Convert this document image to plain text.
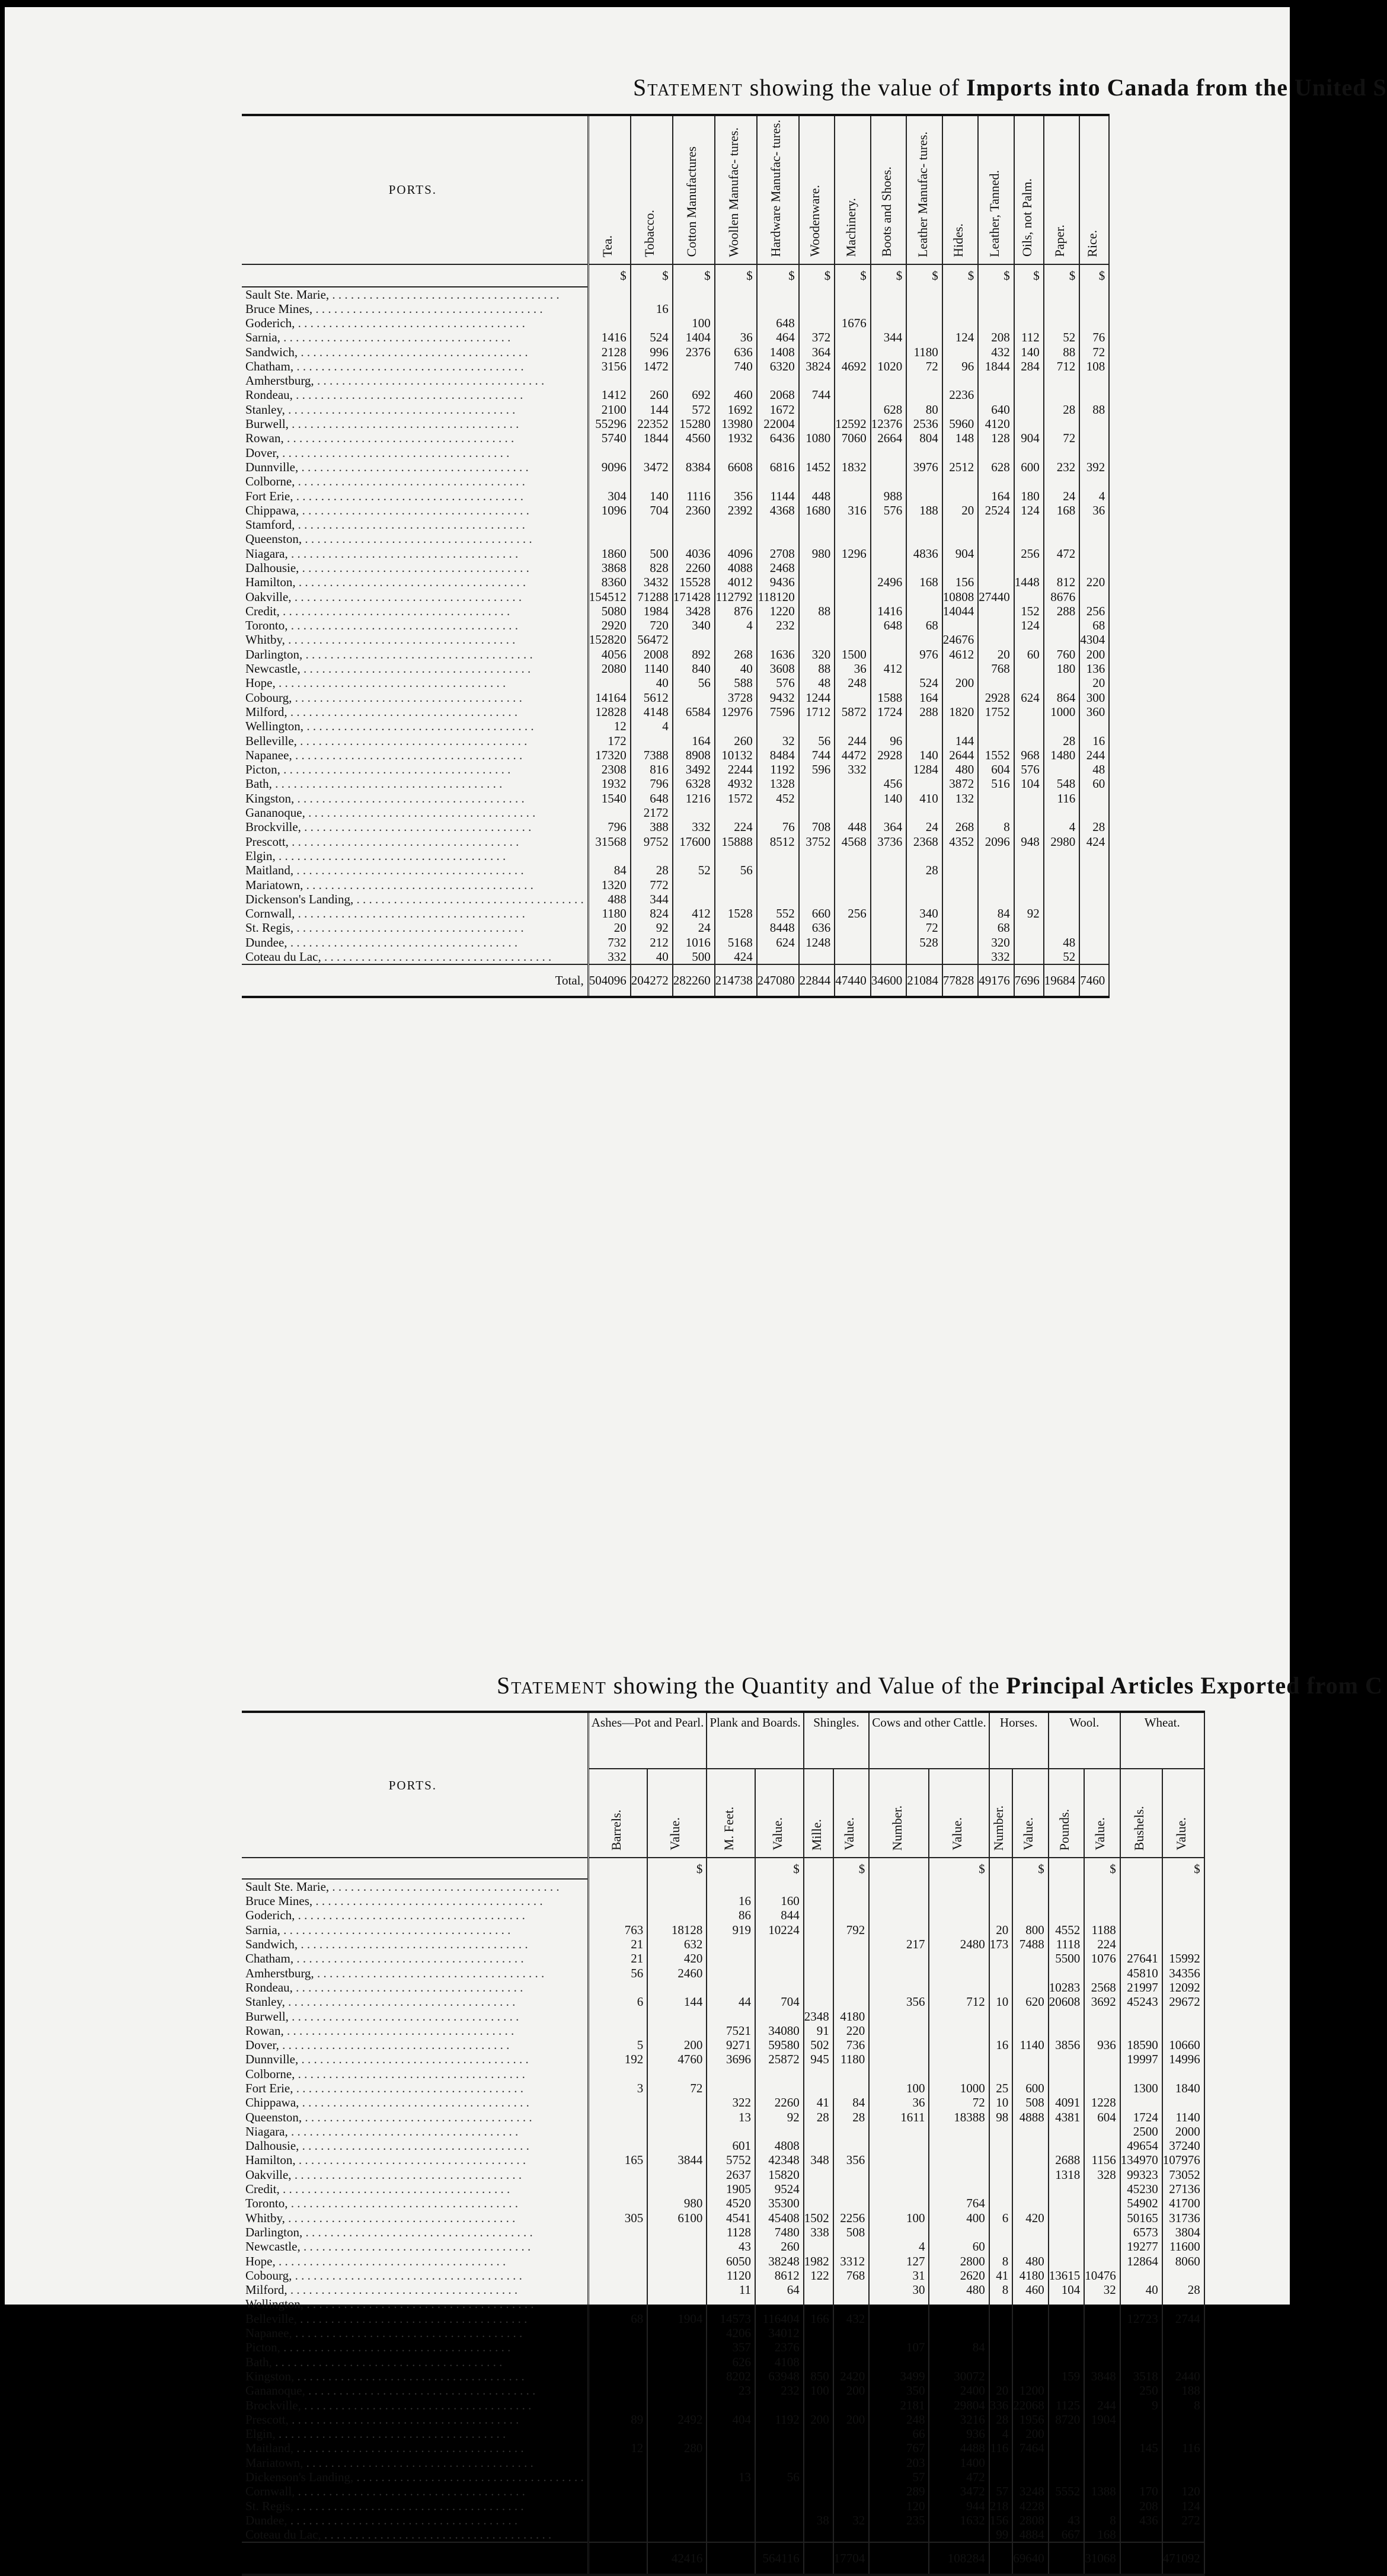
Statement showing the value of Imports into Canada from the United S
PORTS.	Tea.	Tobacco.	Cotton Manufactures	Woollen Manufac- tures.	Hardware Manufac- tures.	Woodenware.	Machinery.	Boots and Shoes.	Leather Manufac- tures.	Hides.	Leather, Tanned.	Oils, not Palm.	Paper.	Rice.
	$	$	$	$	$	$	$	$	$	$	$	$	$	$
Sault Ste. Marie, . . .														
Bruce Mines, . . .		16												
Goderich, . . .			100		648		1676							
Sarnia, . . .	1416	524	1404	36	464	372		344		124	208	112	52	76
Sandwich, . . .	2128	996	2376	636	1408	364			1180		432	140	88	72
Chatham, . . .	3156	1472		740	6320	3824	4692	1020	72	96	1844	284	712	108
Amherstburg, . . .														
Rondeau, . . .	1412	260	692	460	2068	744				2236				
Stanley, . . .	2100	144	572	1692	1672			628	80		640		28	88
Burwell, . . .	55296	22352	15280	13980	22004		12592	12376	2536	5960	4120			
Rowan, . . .	5740	1844	4560	1932	6436	1080	7060	2664	804	148	128	904	72	
Dover, . . .														
Dunnville, . . .	9096	3472	8384	6608	6816	1452	1832		3976	2512	628	600	232	392
Colborne, . . .														
Fort Erie, . . .	304	140	1116	356	1144	448		988			164	180	24	4
Chippawa, . . .	1096	704	2360	2392	4368	1680	316	576	188	20	2524	124	168	36
Stamford, . . .														
Queenston, . . .														
Niagara, . . .	1860	500	4036	4096	2708	980	1296		4836	904		256	472	
Dalhousie, . . .	3868	828	2260	4088	2468									
Hamilton, . . .	8360	3432	15528	4012	9436			2496	168	156		1448	812	220
Oakville, . . .	154512	71288	171428	112792	118120					10808	27440		8676	
Credit, . . .	5080	1984	3428	876	1220	88		1416		14044		152	288	256
Toronto, . . .	2920	720	340	4	232			648	68			124		68
Whitby, . . .	152820	56472								24676				4304
Darlington, . . .	4056	2008	892	268	1636	320	1500		976	4612	20	60	760	200
Newcastle, . . .	2080	1140	840	40	3608	88	36	412			768		180	136
Hope, . . .		40	56	588	576	48	248		524	200				20
Cobourg, . . .	14164	5612		3728	9432	1244		1588	164		2928	624	864	300
Milford, . . .	12828	4148	6584	12976	7596	1712	5872	1724	288	1820	1752		1000	360
Wellington, . . .	12	4												
Belleville, . . .	172		164	260	32	56	244	96		144			28	16
Napanee, . . .	17320	7388	8908	10132	8484	744	4472	2928	140	2644	1552	968	1480	244
Picton, . . .	2308	816	3492	2244	1192	596	332		1284	480	604	576		48
Bath, . . .	1932	796	6328	4932	1328			456		3872	516	104	548	60
Kingston, . . .	1540	648	1216	1572	452			140	410	132			116	
Gananoque, . . .		2172												
Brockville, . . .	796	388	332	224	76	708	448	364	24	268	8		4	28
Prescott, . . .	31568	9752	17600	15888	8512	3752	4568	3736	2368	4352	2096	948	2980	424
Elgin, . . .														
Maitland, . . .	84	28	52	56					28					
Mariatown, . . .	1320	772												
Dickenson's Landing, . . .	488	344												
Cornwall, . . .	1180	824	412	1528	552	660	256		340		84	92		
St. Regis, . . .	20	92	24		8448	636			72		68			
Dundee, . . .	732	212	1016	5168	624	1248			528		320		48	
Coteau du Lac, . . .	332	40	500	424							332		52	
Total,	504096	204272	282260	214738	247080	22844	47440	34600	21084	77828	49176	7696	19684	7460
Statement showing the Quantity and Value of the Principal Articles Exported from C
PORTS.	Ashes—Pot and Pearl.		Plank and Boards.		Shingles.		Cows and other Cattle.		Horses.		Wool.		Wheat.	
	Barrels.	Value.	M. Feet.	Value.	Mille.	Value.	Number.	Value.	Number.	Value.	Pounds.	Value.	Bushels.	Value.
		$		$		$		$		$		$		$
Sault Ste. Marie, . . .														
Bruce Mines, . . .			16	160										
Goderich, . . .			86	844										
Sarnia, . . .	763	18128	919	10224		792			20	800	4552	1188		
Sandwich, . . .	21	632					217	2480	173	7488	1118	224		
Chatham, . . .	21	420									5500	1076	27641	15992
Amherstburg, . . .	56	2460											45810	34356
Rondeau, . . .											10283	2568	21997	12092
Stanley, . . .	6	144	44	704			356	712	10	620	20608	3692	45243	29672
Burwell, . . .					2348	4180								
Rowan, . . .			7521	34080	91	220								
Dover, . . .	5	200	9271	59580	502	736			16	1140	3856	936	18590	10660
Dunnville, . . .	192	4760	3696	25872	945	1180							19997	14996
Colborne, . . .														
Fort Erie, . . .	3	72					100	1000	25	600			1300	1840
Chippawa, . . .			322	2260	41	84	36	72	10	508	4091	1228		
Queenston, . . .			13	92	28	28	1611	18388	98	4888	4381	604	1724	1140
Niagara, . . .													2500	2000
Dalhousie, . . .			601	4808									49654	37240
Hamilton, . . .	165	3844	5752	42348	348	356					2688	1156	134970	107976
Oakville, . . .			2637	15820							1318	328	99323	73052
Credit, . . .			1905	9524									45230	27136
Toronto, . . .		980	4520	35300				764					54902	41700
Whitby, . . .	305	6100	4541	45408	1502	2256	100	400	6	420			50165	31736
Darlington, . . .			1128	7480	338	508							6573	3804
Newcastle, . . .			43	260			4	60					19277	11600
Hope, . . .			6050	38248	1982	3312	127	2800	8	480			12864	8060
Cobourg, . . .			1120	8612	122	768	31	2620	41	4180	13615	10476		
Milford, . . .			11	64			30	480	8	460	104	32	40	28
Wellington, . . .														
Belleville, . . .	68	1904	14573	116404	166	432							12723	2744
Napanee, . . .			4206	34012										
Picton, . . .			357	2376			107	84						
Bath, . . .			626	4108										
Kingston, . . .			8202	63948	850	2420	3499	30072			159	3848	3518	2440
Gananoque, . . .			23	232	100	200	350	2400	20	1200			250	188
Brockville, . . .							2181	29804	336	22068	1125	244	9	8
Prescott, . . .	89	2492	404	1192	200	200	248	3216	28	1956	8720	1904		
Elgin, . . .							66	936	4	200				
Maitland, . . .	12	280					767	4488	116	7464			145	116
Mariatown, . . .							203	1400						
Dickenson's Landing, . . .			13	56			57	472						
Cornwall, . . .							289	3472	57	3248	5552	1388	170	120
St. Regis, . . .							120	944	218	4228			208	124
Dundee, . . .					38	32	235	1632	156	2808	43	8	436	272
Coteau du Lac, . . .									99	4884	667	168		
		42416		564116		17704		108284		69640		31068		471092
